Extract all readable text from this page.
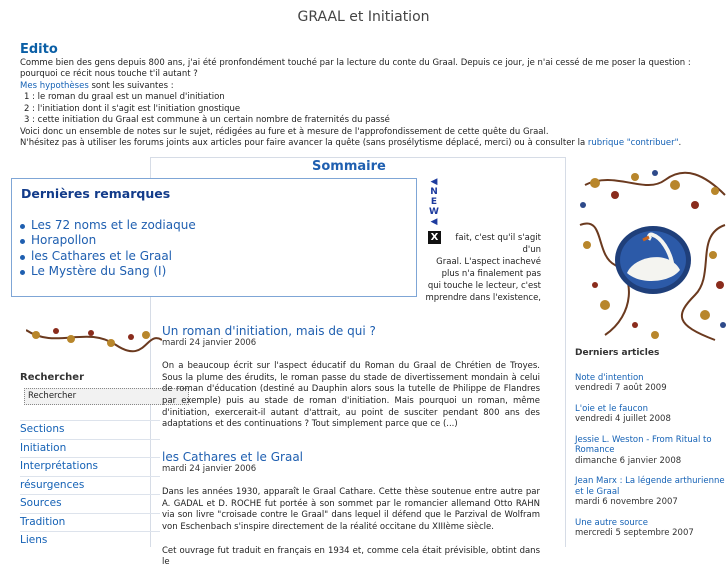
GRAAL et Initiation
Edito

Comme bien des gens depuis 800 ans, j'ai été pronfondément touché par la lecture du conte du Graal. Depuis ce jour, je n'ai cessé de me poser la question : pourquoi ce récit nous touche t'il autant ?

Mes hypothèses sont les suivantes :

1 : le roman du graal est un manuel d'initiation

2 : l'initiation dont il s'agit est l'initiation gnostique

3 : cette initiation du Graal est commune à un certain nombre de fraternités du passé

Voici donc un ensemble de notes sur le sujet, rédigées au fure et à mesure de l'approfondissement de cette quête du Graal.

N'hésitez pas à utiliser les forums joints aux articles pour faire avancer la quête (sans prosélytisme déplacé, merci) ou à consulter la rubrique "contribuer".

Sommaire
Dernières remarques
Les 72 noms et le zodiaque
Horapollon
les Cathares et le Graal
Le Mystère du Sang (I)
◀
N
E
W
◀
X	fait, c'est qu'il s'agit d'un
Graal. L'aspect inachevé
plus n'a finalement pas
qui touche le lecteur, c'est
mprendre dans l'existence,
Rechercher
Rechercher
Sections
Initiation
Interprétations
résurgences
Sources
Tradition
Liens
Un roman d'initiation, mais de qui ?
mardi 24 janvier 2006
On a beaucoup écrit sur l'aspect éducatif du Roman du Graal de Chrétien de Troyes. Sous la plume des érudits, le roman passe du stade de divertissement mondain à celui de roman d'éducation (destiné au Dauphin alors sous la tutelle de Philippe de Flandres par exemple) puis au stade de roman d'initiation. Mais pourquoi un roman, même d'initiation, exercerait-il autant d'attrait, au point de susciter pendant 800 ans des adaptations et des continuations ? Tout simplement parce que ce (...)
les Cathares et le Graal
mardi 24 janvier 2006
Dans les années 1930, apparaît le Graal Cathare. Cette thèse soutenue entre autre par A. GADAL et D. ROCHE fut portée à son sommet par le romancier allemand Otto RAHN via son livre "croisade contre le Graal" dans lequel il défend que le Parzival de Wolfram von Eschenbach s'inspire directement de la réalité occitane du XIIIème siècle.
Cet ouvrage fut traduit en français en 1934 et, comme cela était prévisible, obtint dans le
Derniers articles
Note d'intention
vendredi 7 août 2009
L'oie et le faucon
vendredi 4 juillet 2008
Jessie L. Weston - From Ritual to Romance
dimanche 6 janvier 2008
Jean Marx : La légende arthurienne et le Graal
mardi 6 novembre 2007
Une autre source
mercredi 5 septembre 2007
